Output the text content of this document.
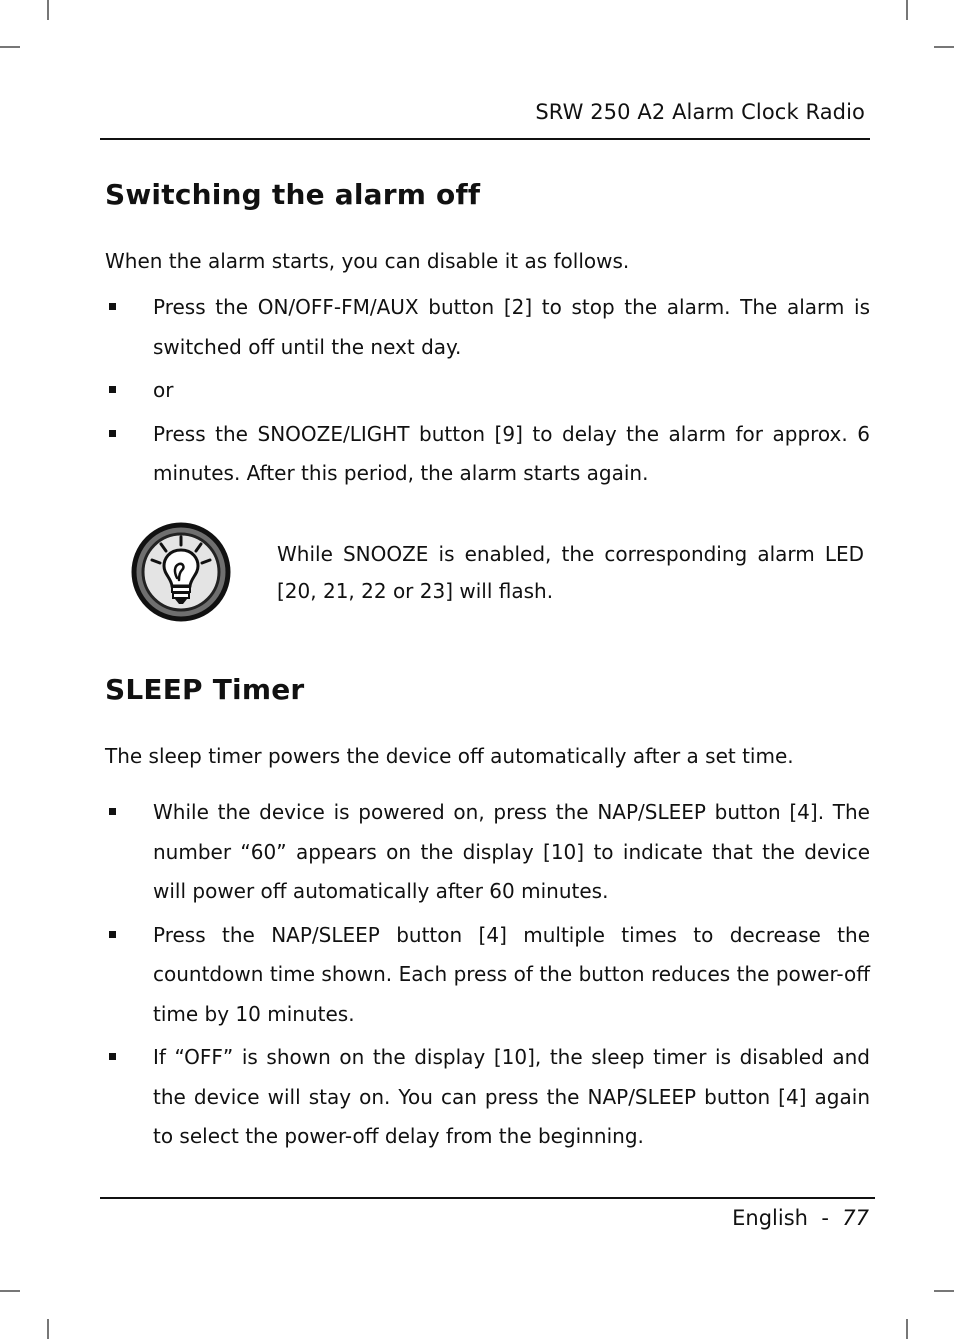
SRW 250 A2 Alarm Clock Radio
Switching the alarm off
When the alarm starts, you can disable it as follows.
Press the ON/OFF-FM/AUX button [2] to stop the alarm. The alarm is switched off until the next day.
or
Press the SNOOZE/LIGHT button [9] to delay the alarm for approx. 6 minutes. After this period, the alarm starts again.
While SNOOZE is enabled, the corresponding alarm LED [20, 21, 22 or 23] will flash.
SLEEP Timer
The sleep timer powers the device off automatically after a set time.
While the device is powered on, press the NAP/SLEEP button [4]. The number “60” appears on the display [10] to indicate that the device will power off automatically after 60 minutes.
Press the NAP/SLEEP button [4] multiple times to decrease the countdown time shown. Each press of the button reduces the power-off time by 10 minutes.
If “OFF” is shown on the display [10], the sleep timer is disabled and the device will stay on. You can press the NAP/SLEEP button [4] again to select the power-off delay from the beginning.
English - 77
